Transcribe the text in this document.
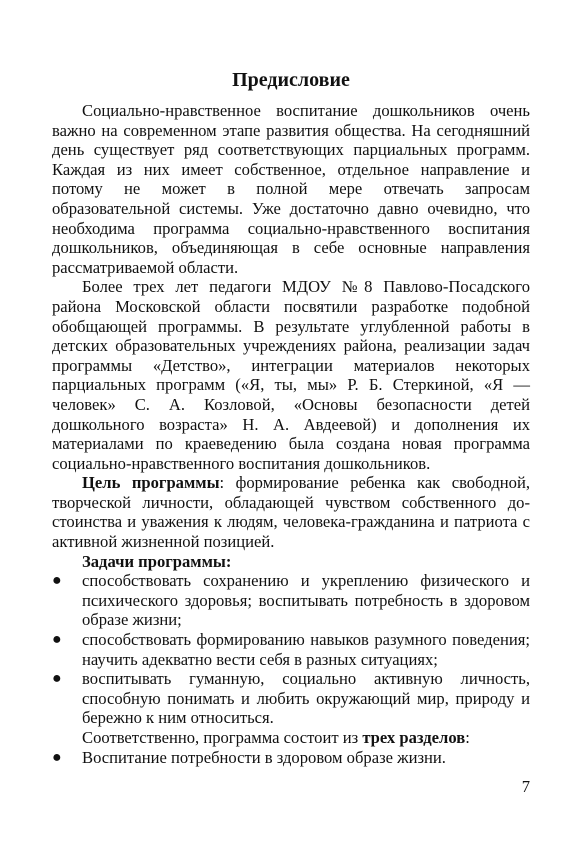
Предисловие

Социально-нравственное воспитание дошкольников очень важно на современном этапе развития общества. На сегодняшний день существует ряд соответствующих парциальных программ. Каждая из них имеет собственное, отдельное направление и потому не может в полной мере отвечать запросам образовательной системы. Уже достаточно давно очевидно, что необходима программа социально-нравственного воспитания дошкольников, объединяющая в себе основные направления рассматриваемой области.

Более трех лет педагоги МДОУ №8 Павлово-Посадского района Московской области посвятили разработке подобной обобщающей программы. В результате углубленной работы в детских образовательных учреждениях района, реализации задач программы «Детство», интеграции материалов некоторых парциальных программ («Я, ты, мы» Р. Б. Стеркиной, «Я — человек» С. А. Козловой, «Основы безопасности детей дошкольного возраста» Н. А. Авдеевой) и дополнения их материалами по краеведению была создана новая программа социально-нравственного воспитания дошкольников.

Цель программы: формирование ребенка как свободной, творческой личности, обладающей чувством собственного достоинства и уважения к людям, человека-гражданина и патриота с активной жизненной позицией.

Задачи программы:

●	способствовать сохранению и укреплению физического и психического здоровья; воспитывать потребность в здоровом образе жизни;
●	способствовать формированию навыков разумного поведения; научить адекватно вести себя в разных ситуациях;
●	воспитывать гуманную, социально активную личность, способную понимать и любить окружающий мир, природу и бережно к ним относиться.

Соответственно, программа состоит из трех разделов:

●	Воспитание потребности в здоровом образе жизни.
7
